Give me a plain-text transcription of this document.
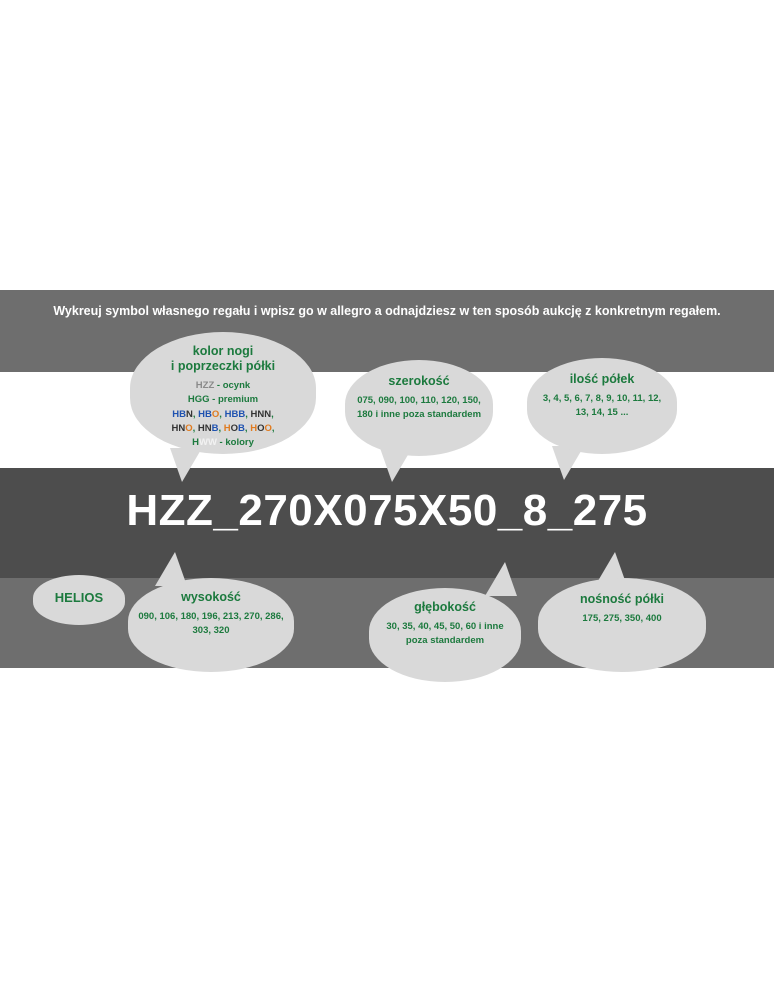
Wykreuj symbol własnego regału i wpisz go w allegro a odnajdziesz w ten sposób aukcję z konkretnym regałem.
HZZ_270X075X50_8_275
kolor nogi
i poprzeczki półki
HZZ - ocynk
HGG - premium
HBN, HBO, HBB, HNN,
HNO, HNB, HOB, HOO,
HWW - kolory
szerokość
075, 090, 100, 110, 120, 150, 180 i inne poza standardem
ilość półek
3, 4, 5, 6, 7, 8, 9, 10, 11, 12, 13, 14, 15 ...
HELIOS	wysokość
090, 106, 180, 196, 213, 270, 286, 303, 320
głębokość
30, 35, 40, 45, 50, 60 i inne poza standardem
nośność półki
175, 275, 350, 400
